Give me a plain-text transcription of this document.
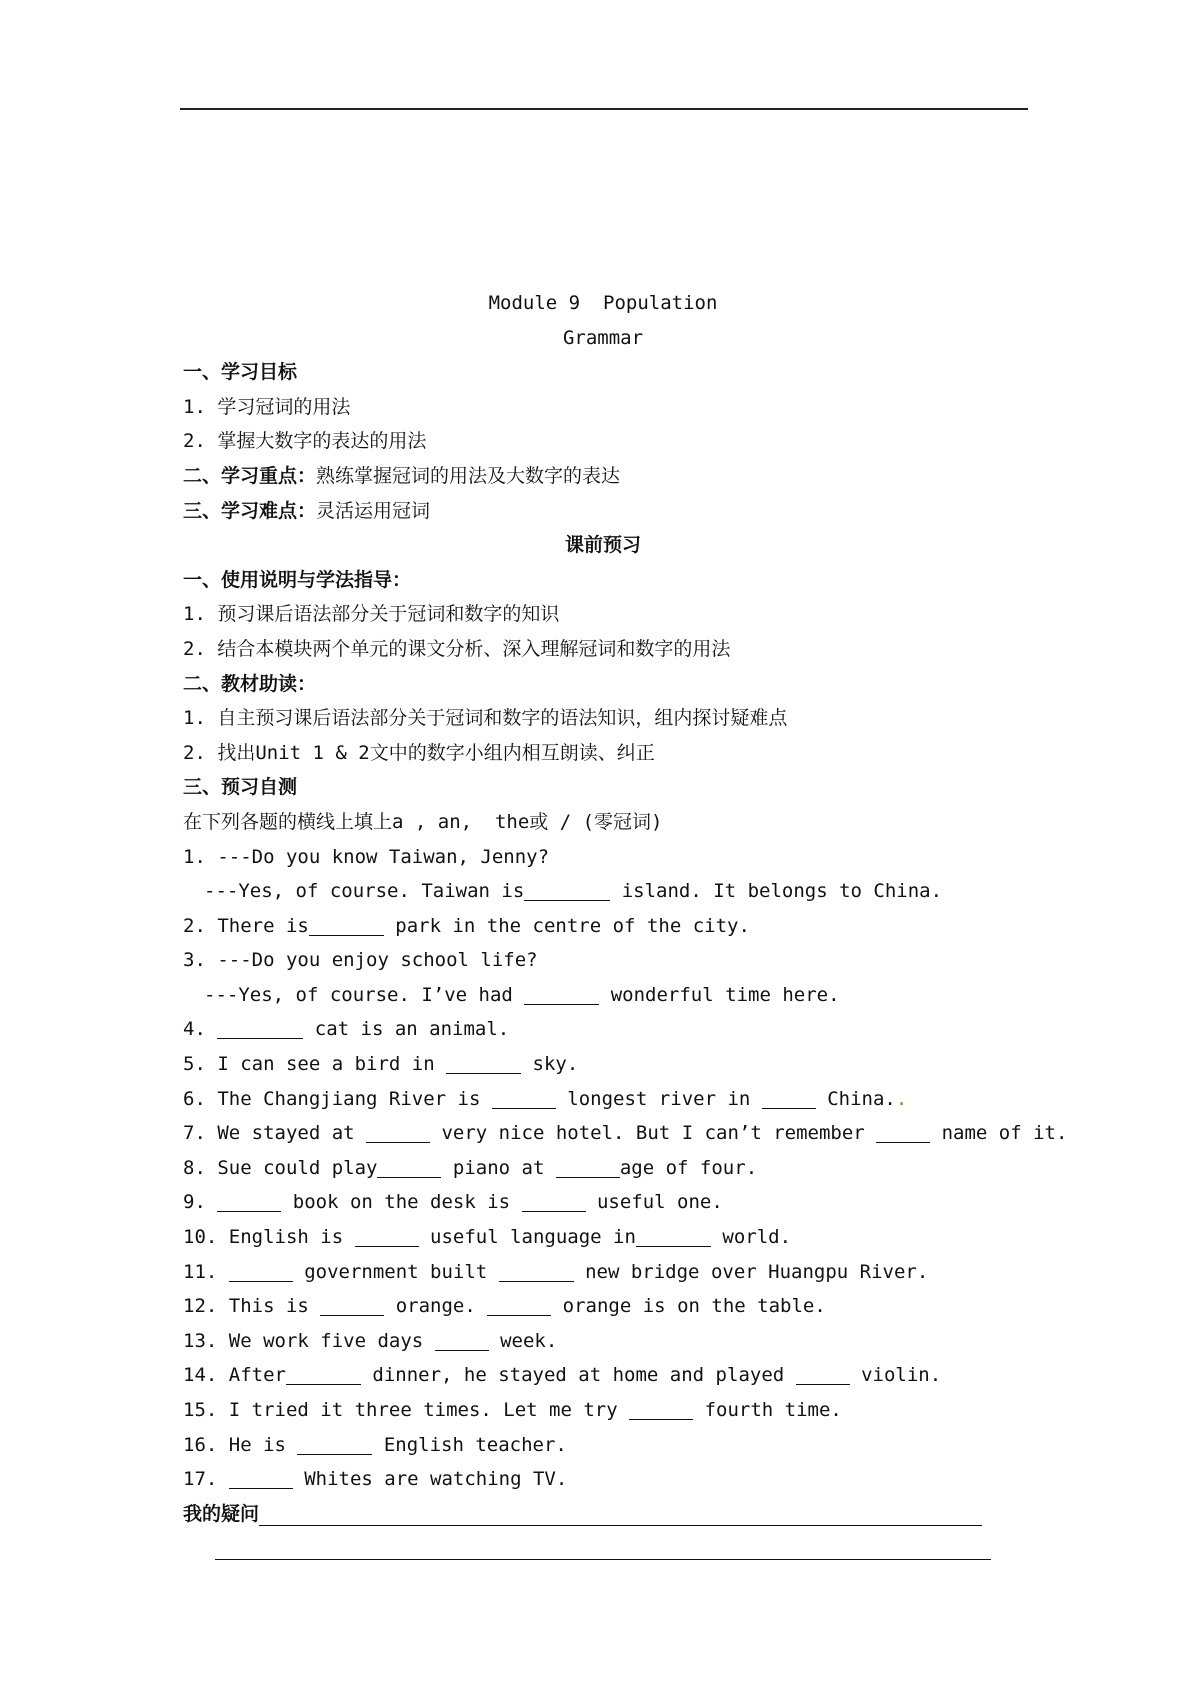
Module 9  Population
Grammar
一、学习目标
1. 学习冠词的用法
2. 掌握大数字的表达的用法
二、学习重点：熟练掌握冠词的用法及大数字的表达
三、学习难点：灵活运用冠词
课前预习
一、使用说明与学法指导：
1. 预习课后语法部分关于冠词和数字的知识
2. 结合本模块两个单元的课文分析、深入理解冠词和数字的用法
二、教材助读：
1. 自主预习课后语法部分关于冠词和数字的语法知识，组内探讨疑难点
2. 找出Unit 1 & 2文中的数字小组内相互朗读、纠正
三、预习自测
在下列各题的横线上填上a , an,  the或 / (零冠词)
1. ---Do you know Taiwan, Jenny?
---Yes, of course. Taiwan is	island. It belongs to China.
2. There is	park in the centre of the city.
3. ---Do you enjoy school life?
---Yes, of course. I’ve had	wonderful time here.
4.	cat is an animal.
5. I can see a bird in	sky.
6. The Changjiang River is	longest river in	China..
7. We stayed at	very nice hotel. But I can’t remember	name of it.
8. Sue could play	piano at	age of four.
9.	book on the desk is	useful one.
10. English is	useful language in	world.
11.	government built	new bridge over Huangpu River.
12. This is	orange.	orange is on the table.
13. We work five days	week.
14. After	dinner, he stayed at home and played	violin.
15. I tried it three times. Let me try	fourth time.
16. He is	English teacher.
17.	Whites are watching TV.
我的疑问
